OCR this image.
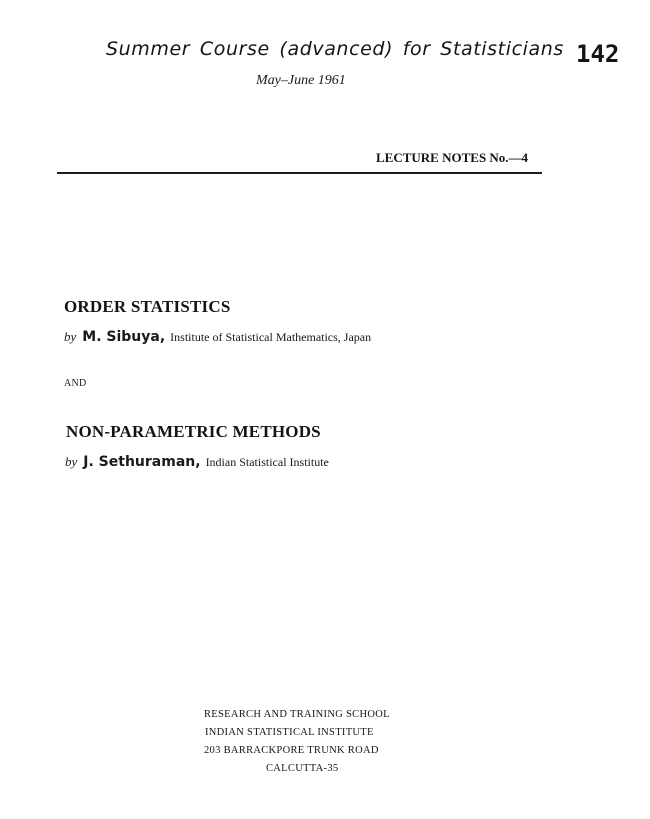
Summer Course (advanced) for Statisticians 142
May–June 1961
LECTURE NOTES No.—4
ORDER STATISTICS
by M. Sibuya, Institute of Statistical Mathematics, Japan
AND
NON-PARAMETRIC METHODS
by J. Sethuraman, Indian Statistical Institute
RESEARCH AND TRAINING SCHOOL
INDIAN STATISTICAL INSTITUTE
203 BARRACKPORE TRUNK ROAD
CALCUTTA-35
